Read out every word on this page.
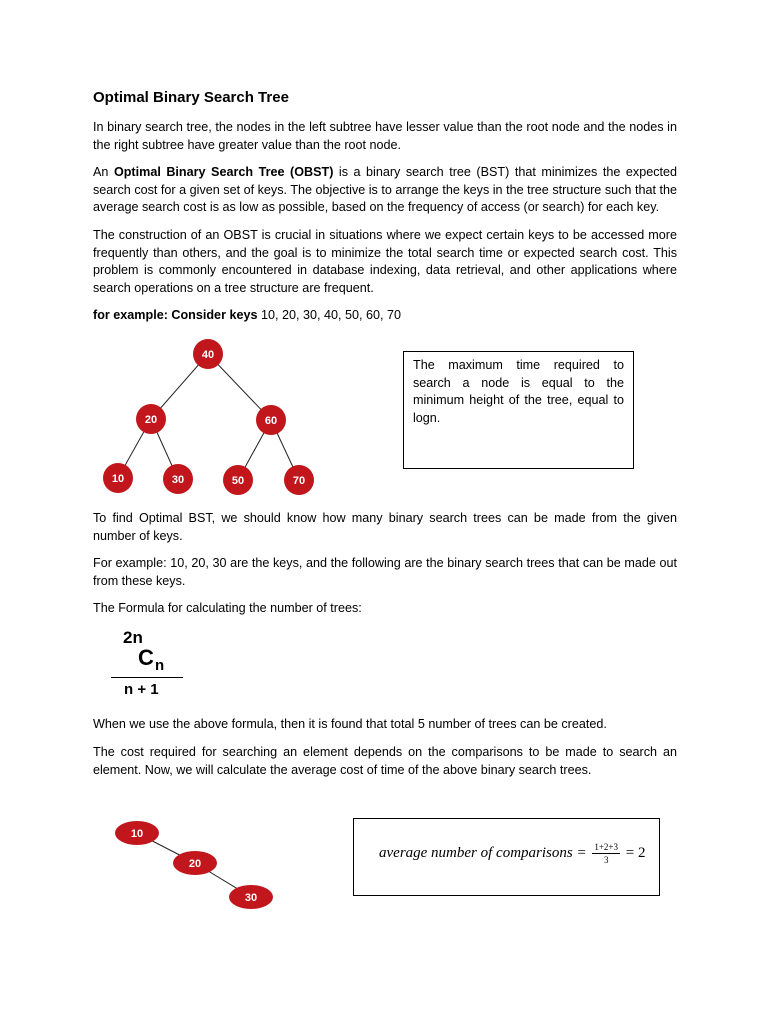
Optimal Binary Search Tree

In binary search tree, the nodes in the left subtree have lesser value than the root node and the nodes in the right subtree have greater value than the root node.

An Optimal Binary Search Tree (OBST) is a binary search tree (BST) that minimizes the expected search cost for a given set of keys. The objective is to arrange the keys in the tree structure such that the average search cost is as low as possible, based on the frequency of access (or search) for each key.

The construction of an OBST is crucial in situations where we expect certain keys to be accessed more frequently than others, and the goal is to minimize the total search time or expected search cost. This problem is commonly encountered in database indexing, data retrieval, and other applications where search operations on a tree structure are frequent.

for example: Consider keys 10, 20, 30, 40, 50, 60, 70

40
20	60
10	30	50	70
The maximum time required to search a node is equal to the minimum height of the tree, equal to logn.

To find Optimal BST, we should know how many binary search trees can be made from the given number of keys.

For example: 10, 20, 30 are the keys, and the following are the binary search trees that can be made out from these keys.

The Formula for calculating the number of trees:

2n
C n
n + 1

When we use the above formula, then it is found that total 5 number of trees can be created.

The cost required for searching an element depends on the comparisons to be made to search an element. Now, we will calculate the average cost of time of the above binary search trees.

10
20
30
average number of comparisons = $\frac{1+2+3}{3} = 2$
